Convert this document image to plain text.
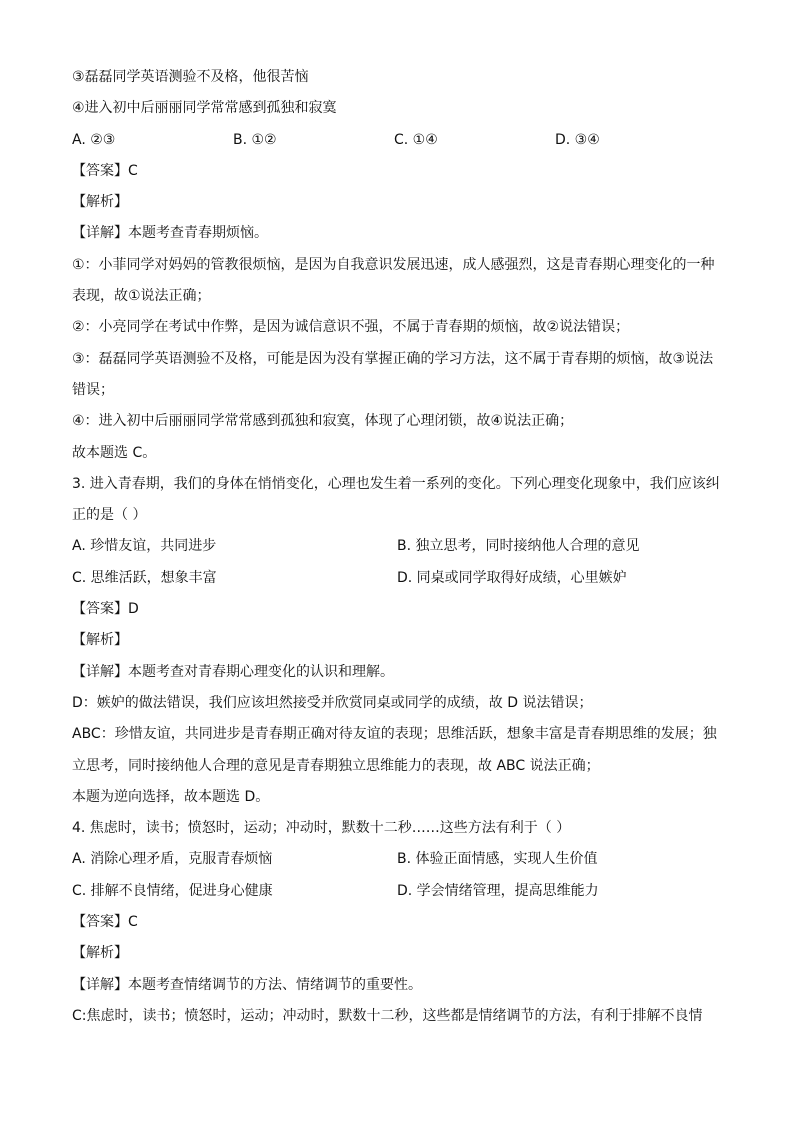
③磊磊同学英语测验不及格，他很苦恼
④进入初中后丽丽同学常常感到孤独和寂寞
A. ②③	B. ①②	C. ①④	D. ③④
【答案】C
【解析】
【详解】本题考查青春期烦恼。
①：小菲同学对妈妈的管教很烦恼，是因为自我意识发展迅速，成人感强烈，这是青春期心理变化的一种
表现，故①说法正确；
②：小亮同学在考试中作弊，是因为诚信意识不强，不属于青春期的烦恼，故②说法错误；
③：磊磊同学英语测验不及格，可能是因为没有掌握正确的学习方法，这不属于青春期的烦恼，故③说法
错误；
④：进入初中后丽丽同学常常感到孤独和寂寞，体现了心理闭锁，故④说法正确；
故本题选 C。
3. 进入青春期，我们的身体在悄悄变化，心理也发生着一系列的变化。下列心理变化现象中，我们应该纠
正的是（ ）
A. 珍惜友谊，共同进步	B. 独立思考，同时接纳他人合理的意见
C. 思维活跃，想象丰富	D. 同桌或同学取得好成绩，心里嫉妒
【答案】D
【解析】
【详解】本题考查对青春期心理变化的认识和理解。
D：嫉妒的做法错误，我们应该坦然接受并欣赏同桌或同学的成绩，故 D 说法错误；
ABC：珍惜友谊，共同进步是青春期正确对待友谊的表现；思维活跃，想象丰富是青春期思维的发展；独
立思考，同时接纳他人合理的意见是青春期独立思维能力的表现，故 ABC 说法正确；
本题为逆向选择，故本题选 D。
4. 焦虑时，读书；愤怒时，运动；冲动时，默数十二秒……这些方法有利于（ ）
A. 消除心理矛盾，克服青春烦恼	B. 体验正面情感，实现人生价值
C. 排解不良情绪，促进身心健康	D. 学会情绪管理，提高思维能力
【答案】C
【解析】
【详解】本题考查情绪调节的方法、情绪调节的重要性。
C:焦虑时，读书；愤怒时，运动；冲动时，默数十二秒，这些都是情绪调节的方法，有利于排解不良情
